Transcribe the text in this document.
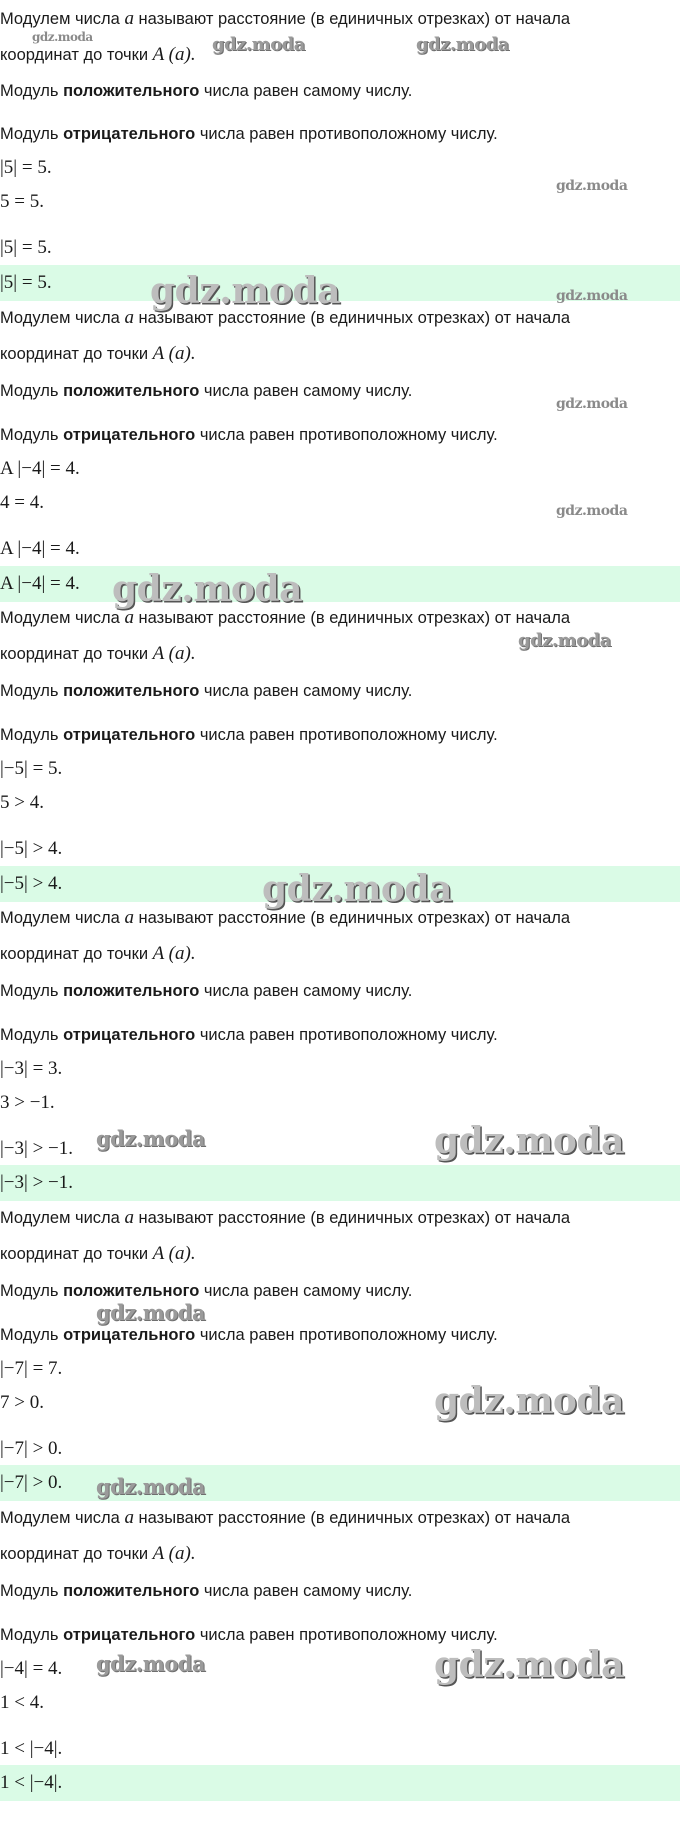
Модулем числа a называют расстояние (в единичных отрезках) от начала
координат до точки A (a).
Модуль положительного числа равен самому числу.
Модуль отрицательного числа равен противоположному числу.
|5| = 5.
5 = 5.
|5| = 5.
|5| = 5.
Модулем числа a называют расстояние (в единичных отрезках) от начала
координат до точки A (a).
Модуль положительного числа равен самому числу.
Модуль отрицательного числа равен противоположному числу.
A |−4| = 4.
4 = 4.
A |−4| = 4.
A |−4| = 4.
Модулем числа a называют расстояние (в единичных отрезках) от начала
координат до точки A (a).
Модуль положительного числа равен самому числу.
Модуль отрицательного числа равен противоположному числу.
|−5| = 5.
5 > 4.
|−5| > 4.
|−5| > 4.
Модулем числа a называют расстояние (в единичных отрезках) от начала
координат до точки A (a).
Модуль положительного числа равен самому числу.
Модуль отрицательного числа равен противоположному числу.
|−3| = 3.
3 > −1.
|−3| > −1.
|−3| > −1.
Модулем числа a называют расстояние (в единичных отрезках) от начала
координат до точки A (a).
Модуль положительного числа равен самому числу.
Модуль отрицательного числа равен противоположному числу.
|−7| = 7.
7 > 0.
|−7| > 0.
|−7| > 0.
Модулем числа a называют расстояние (в единичных отрезках) от начала
координат до точки A (a).
Модуль положительного числа равен самому числу.
Модуль отрицательного числа равен противоположному числу.
|−4| = 4.
1 < 4.
1 < |−4|.
1 < |−4|.
gdz.moda	gdz.moda	gdz.moda
gdz.moda
gdz.moda	gdz.moda
gdz.moda
gdz.moda
gdz.moda
gdz.moda
gdz.moda
gdz.moda	gdz.moda
gdz.moda
gdz.moda
gdz.moda
gdz.moda	gdz.moda
